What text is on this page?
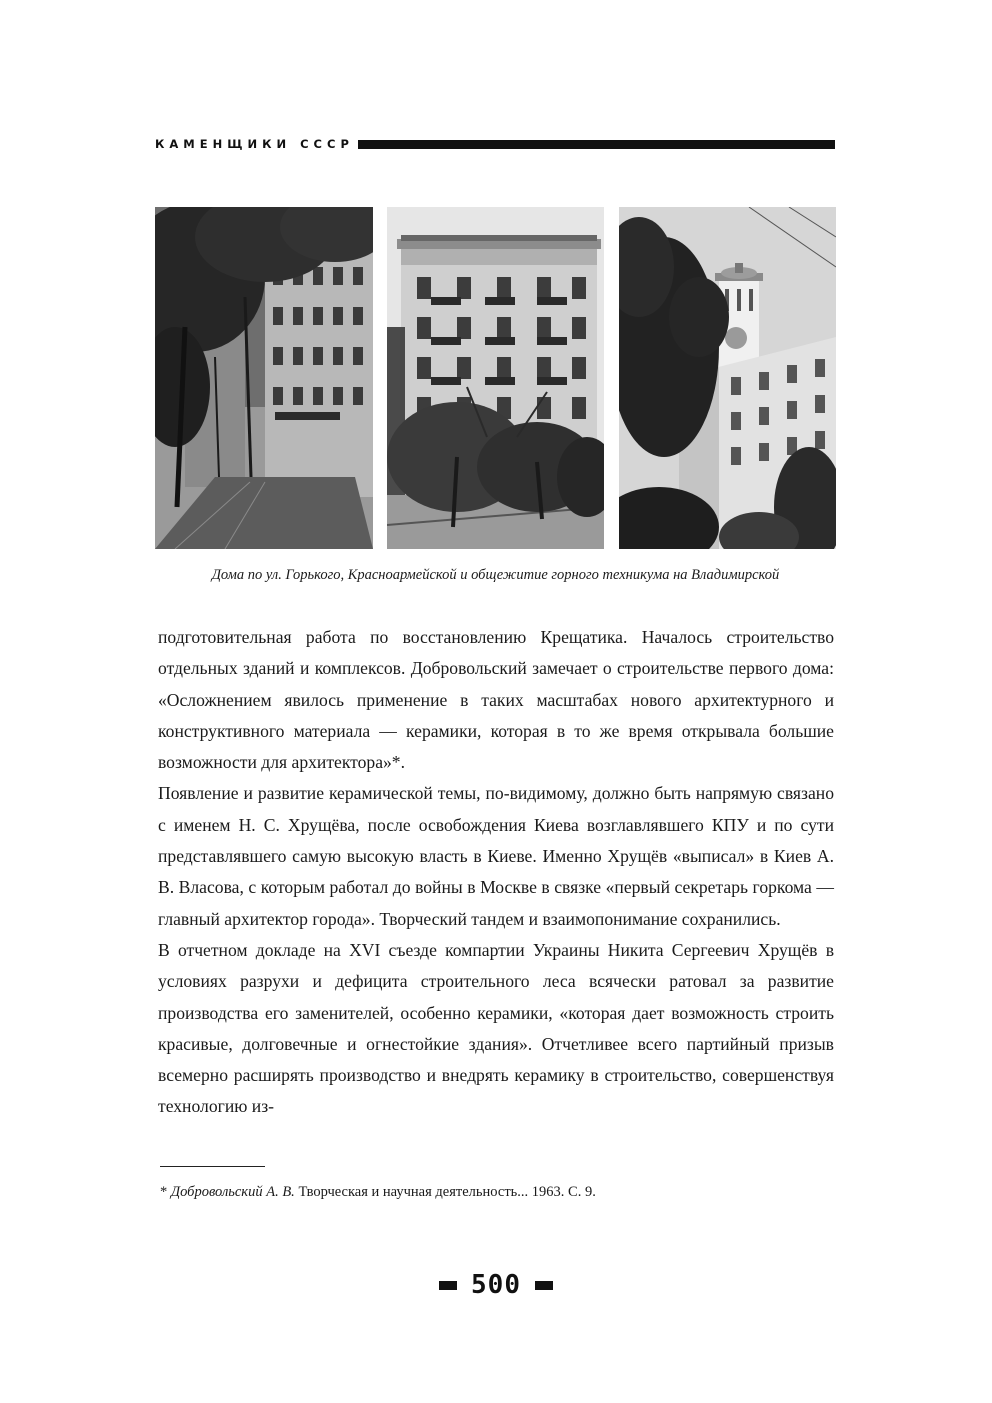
КАМЕНЩИКИ СССР
Дома по ул. Горького, Красноармейской и общежитие горного техникума на Владимирской

подготовительная работа по восстановлению Крещатика. Началось строительство отдельных зданий и комплексов. Добровольский замечает о строительстве первого дома: «Осложнением явилось применение в таких масштабах нового архитектурного и конструктивного материала — керамики, которая в то же время открывала большие возможности для архитектора»*.

Появление и развитие керамической темы, по-видимому, должно быть напрямую связано с именем Н. С. Хрущёва, после освобождения Киева возглавлявшего КПУ и по сути представлявшего самую высокую власть в Киеве. Именно Хрущёв «выписал» в Киев А. В. Власова, с которым работал до войны в Москве в связке «первый секретарь горкома — главный архитектор города». Творческий тандем и взаимопонимание сохранились.

В отчетном докладе на XVI съезде компартии Украины Никита Сергеевич Хрущёв в условиях разрухи и дефицита строительного леса всячески ратовал за развитие производства его заменителей, особенно керамики, «которая дает возможность строить красивые, долговечные и огнестойкие здания». Отчетливее всего партийный призыв всемерно расширять производство и внедрять керамику в строительство, совершенствуя технологию из-

* Добровольский А. В. Творческая и научная деятельность... 1963. С. 9.
500
